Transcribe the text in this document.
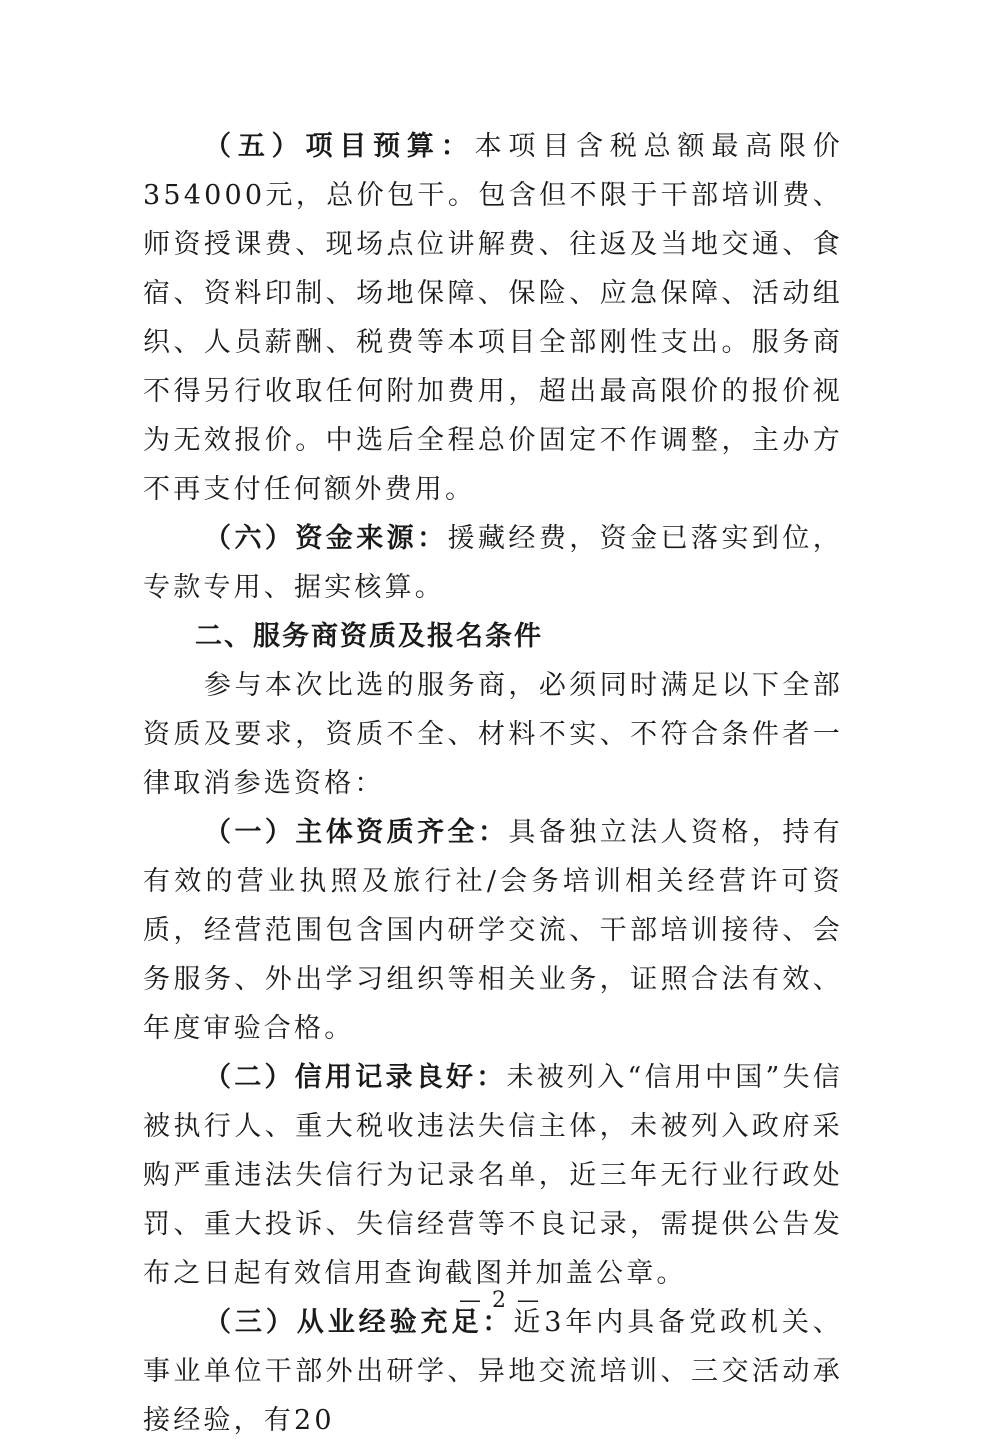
（五）项目预算：本项目含税总额最高限价354000元，总价包干。包含但不限于干部培训费、师资授课费、现场点位讲解费、往返及当地交通、食宿、资料印制、场地保障、保险、应急保障、活动组织、人员薪酬、税费等本项目全部刚性支出。服务商不得另行收取任何附加费用，超出最高限价的报价视为无效报价。中选后全程总价固定不作调整，主办方不再支付任何额外费用。

（六）资金来源：援藏经费，资金已落实到位，专款专用、据实核算。

二、服务商资质及报名条件

参与本次比选的服务商，必须同时满足以下全部资质及要求，资质不全、材料不实、不符合条件者一律取消参选资格：

（一）主体资质齐全：具备独立法人资格，持有有效的营业执照及旅行社/会务培训相关经营许可资质，经营范围包含国内研学交流、干部培训接待、会务服务、外出学习组织等相关业务，证照合法有效、年度审验合格。

（二）信用记录良好：未被列入“信用中国”失信被执行人、重大税收违法失信主体，未被列入政府采购严重违法失信行为记录名单，近三年无行业行政处罚、重大投诉、失信经营等不良记录，需提供公告发布之日起有效信用查询截图并加盖公章。

（三）从业经验充足：近3年内具备党政机关、事业单位干部外出研学、异地交流培训、三交活动承接经验，有20

— 2 —
